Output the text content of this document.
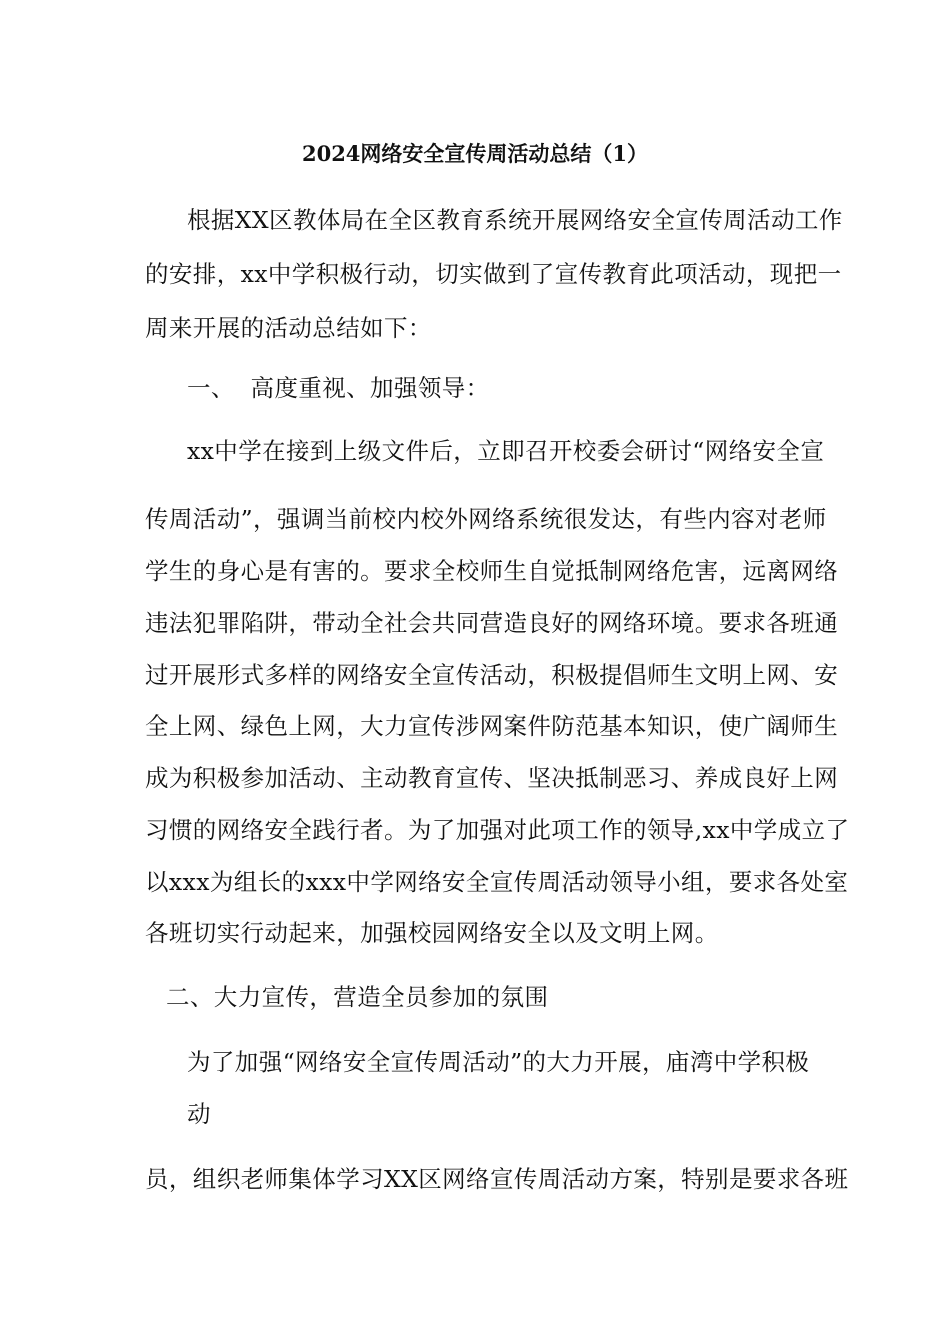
2024网络安全宣传周活动总结（1）
根据XX区教体局在全区教育系统开展网络安全宣传周活动工作
的安排，xx中学积极行动，切实做到了宣传教育此项活动，现把一
周来开展的活动总结如下：
一、  高度重视、加强领导：
xx中学在接到上级文件后，立即召开校委会研讨“网络安全宣
传周活动”，强调当前校内校外网络系统很发达，有些内容对老师
学生的身心是有害的。要求全校师生自觉抵制网络危害，远离网络
违法犯罪陷阱，带动全社会共同营造良好的网络环境。要求各班通
过开展形式多样的网络安全宣传活动，积极提倡师生文明上网、安
全上网、绿色上网，大力宣传涉网案件防范基本知识，使广阔师生
成为积极参加活动、主动教育宣传、坚决抵制恶习、养成良好上网
习惯的网络安全践行者。为了加强对此项工作的领导,xx中学成立了
以xxx为组长的xxx中学网络安全宣传周活动领导小组，要求各处室
各班切实行动起来，加强校园网络安全以及文明上网。
二、大力宣传，营造全员参加的氛围
为了加强“网络安全宣传周活动”的大力开展，庙湾中学积极
动
员，组织老师集体学习XX区网络宣传周活动方案，特别是要求各班
